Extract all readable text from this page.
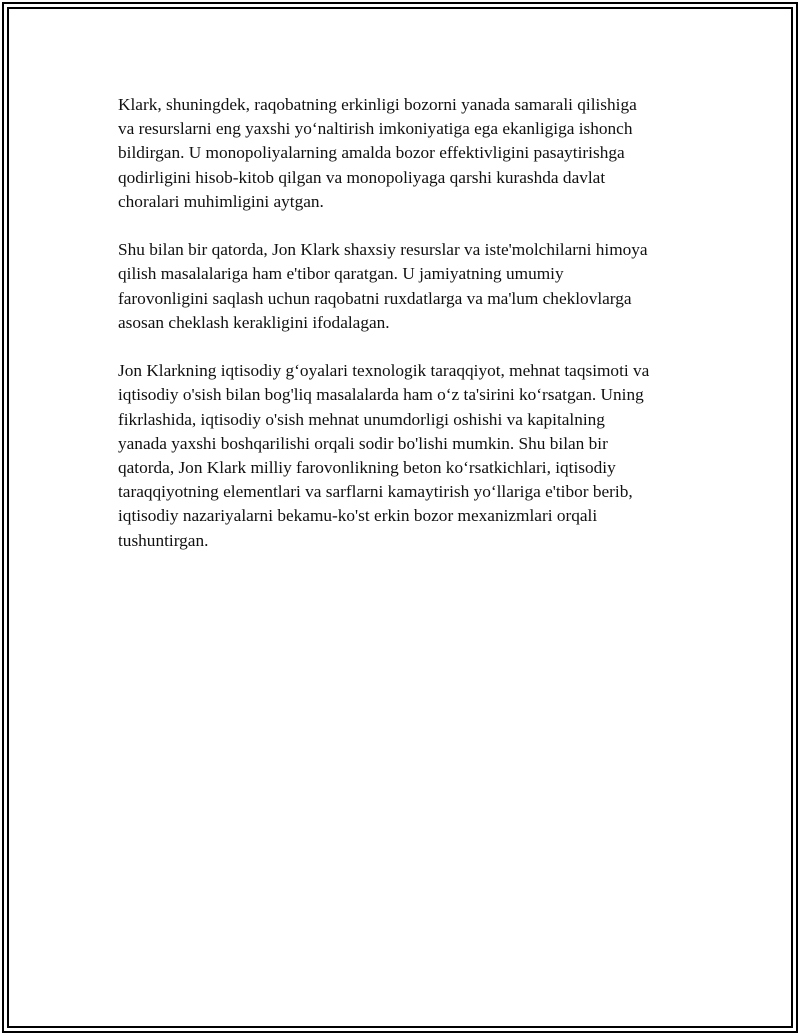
Klark, shuningdek, raqobatning erkinligi bozorni yanada samarali qilishiga
va resurslarni eng yaxshi yo‘naltirish imkoniyatiga ega ekanligiga ishonch
bildirgan. U monopoliyalarning amalda bozor effektivligini pasaytirishga
qodirligini hisob-kitob qilgan va monopoliyaga qarshi kurashda davlat
choralari muhimligini aytgan.

Shu bilan bir qatorda, Jon Klark shaxsiy resurslar va iste'molchilarni himoya
qilish masalalariga ham e'tibor qaratgan. U jamiyatning umumiy
farovonligini saqlash uchun raqobatni ruxdatlarga va ma'lum cheklovlarga
asosan cheklash kerakligini ifodalagan.

Jon Klarkning iqtisodiy g‘oyalari texnologik taraqqiyot, mehnat taqsimoti va
iqtisodiy o'sish bilan bog'liq masalalarda ham o‘z ta'sirini ko‘rsatgan. Uning
fikrlashida, iqtisodiy o'sish mehnat unumdorligi oshishi va kapitalning
yanada yaxshi boshqarilishi orqali sodir bo'lishi mumkin. Shu bilan bir
qatorda, Jon Klark milliy farovonlikning beton ko‘rsatkichlari, iqtisodiy
taraqqiyotning elementlari va sarflarni kamaytirish yo‘llariga e'tibor berib,
iqtisodiy nazariyalarni bekamu-ko'st erkin bozor mexanizmlari orqali
tushuntirgan.
